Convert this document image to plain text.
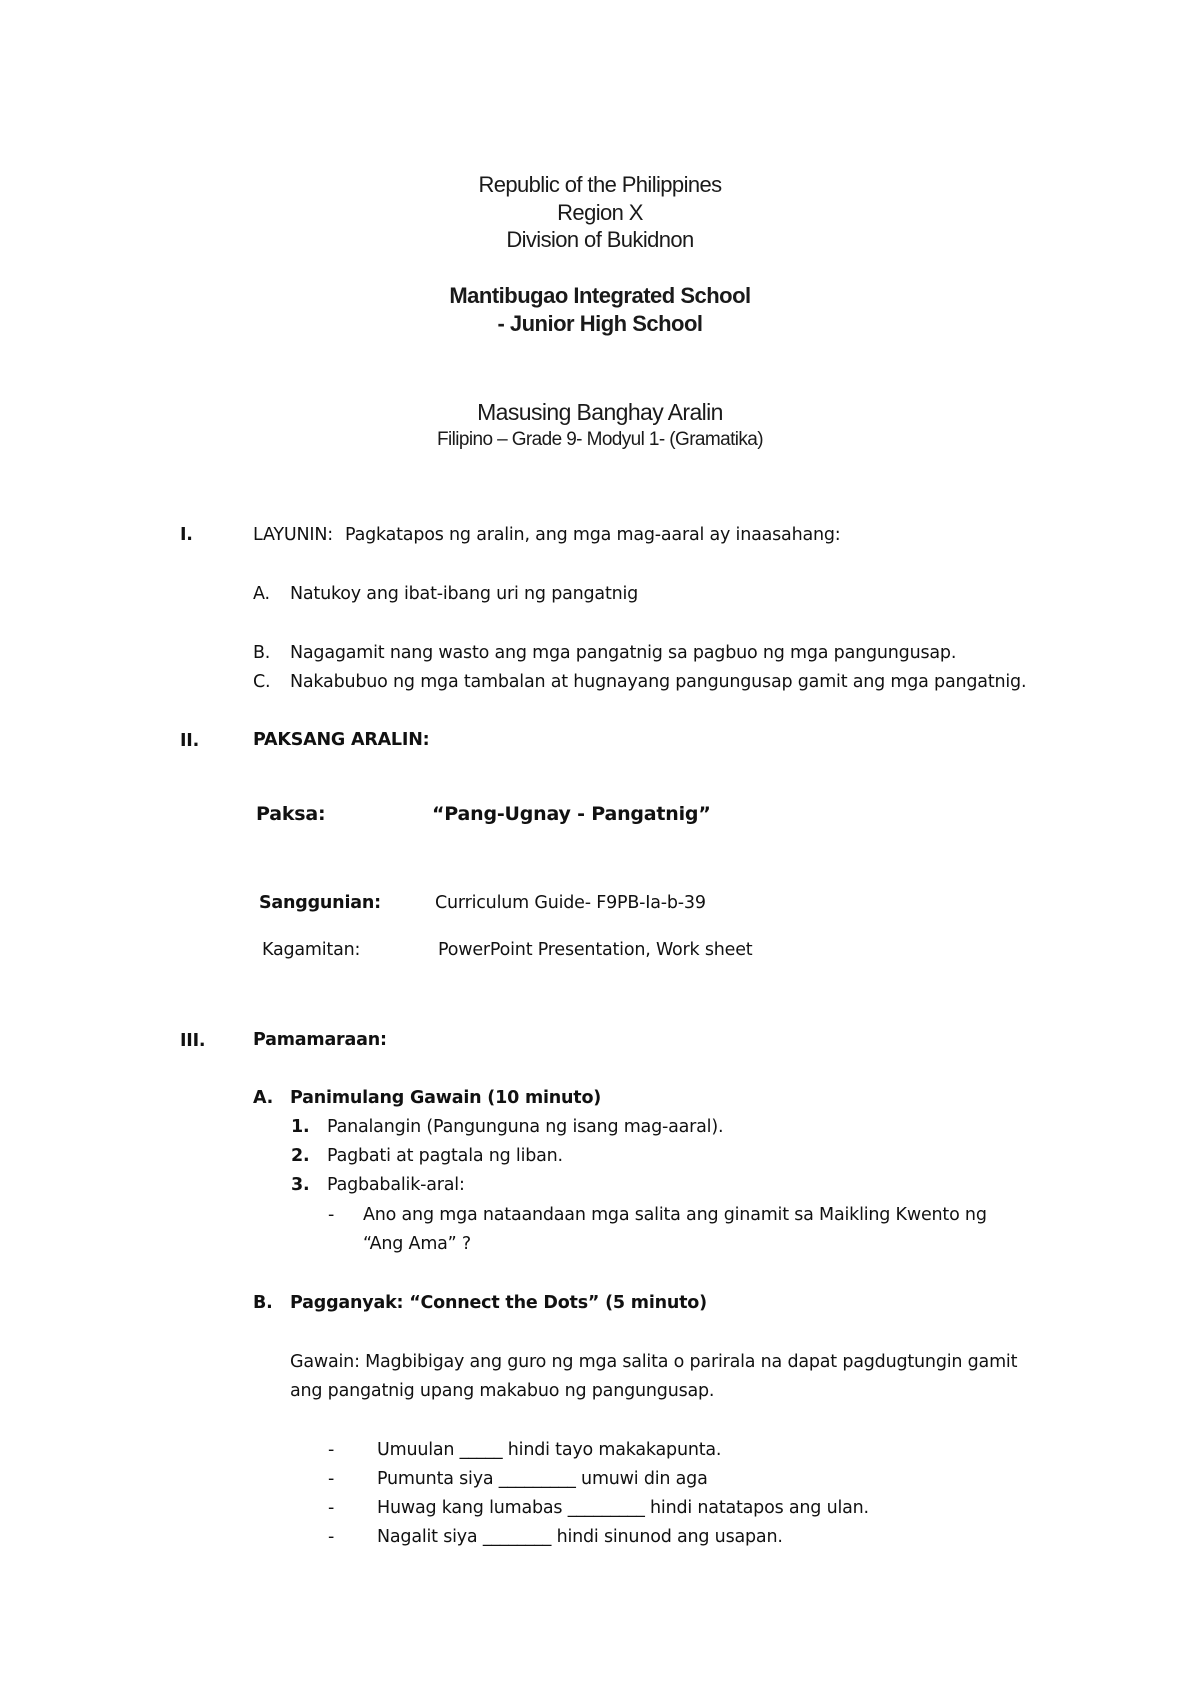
Republic of the Philippines
Region X
Division of Bukidnon
Mantibugao Integrated School
- Junior High School
Masusing Banghay Aralin
Filipino – Grade 9- Modyul 1- (Gramatika)
I.	LAYUNIN: Pagkatapos ng aralin, ang mga mag-aaral ay inaasahang:
A. Natukoy ang ibat-ibang uri ng pangatnig
B. Nagagamit nang wasto ang mga pangatnig sa pagbuo ng mga pangungusap.
C. Nakabubuo ng mga tambalan at hugnayang pangungusap gamit ang mga pangatnig.
II.	PAKSANG ARALIN:
Paksa:	“Pang-Ugnay - Pangatnig”
Sanggunian:	Curriculum Guide- F9PB-Ia-b-39
Kagamitan:	PowerPoint Presentation, Work sheet
III.	Pamamaraan:
A. Panimulang Gawain (10 minuto)
1. Panalangin (Pangunguna ng isang mag-aaral).
2. Pagbati at pagtala ng liban.
3. Pagbabalik-aral:
- Ano ang mga nataandaan mga salita ang ginamit sa Maikling Kwento ng
“Ang Ama” ?
B. Pagganyak: “Connect the Dots” (5 minuto)
Gawain: Magbibigay ang guro ng mga salita o parirala na dapat pagdugtungin gamit
ang pangatnig upang makabuo ng pangungusap.
- Umuulan _____ hindi tayo makakapunta.
- Pumunta siya _________ umuwi din aga
- Huwag kang lumabas _________ hindi natatapos ang ulan.
- Nagalit siya ________ hindi sinunod ang usapan.
